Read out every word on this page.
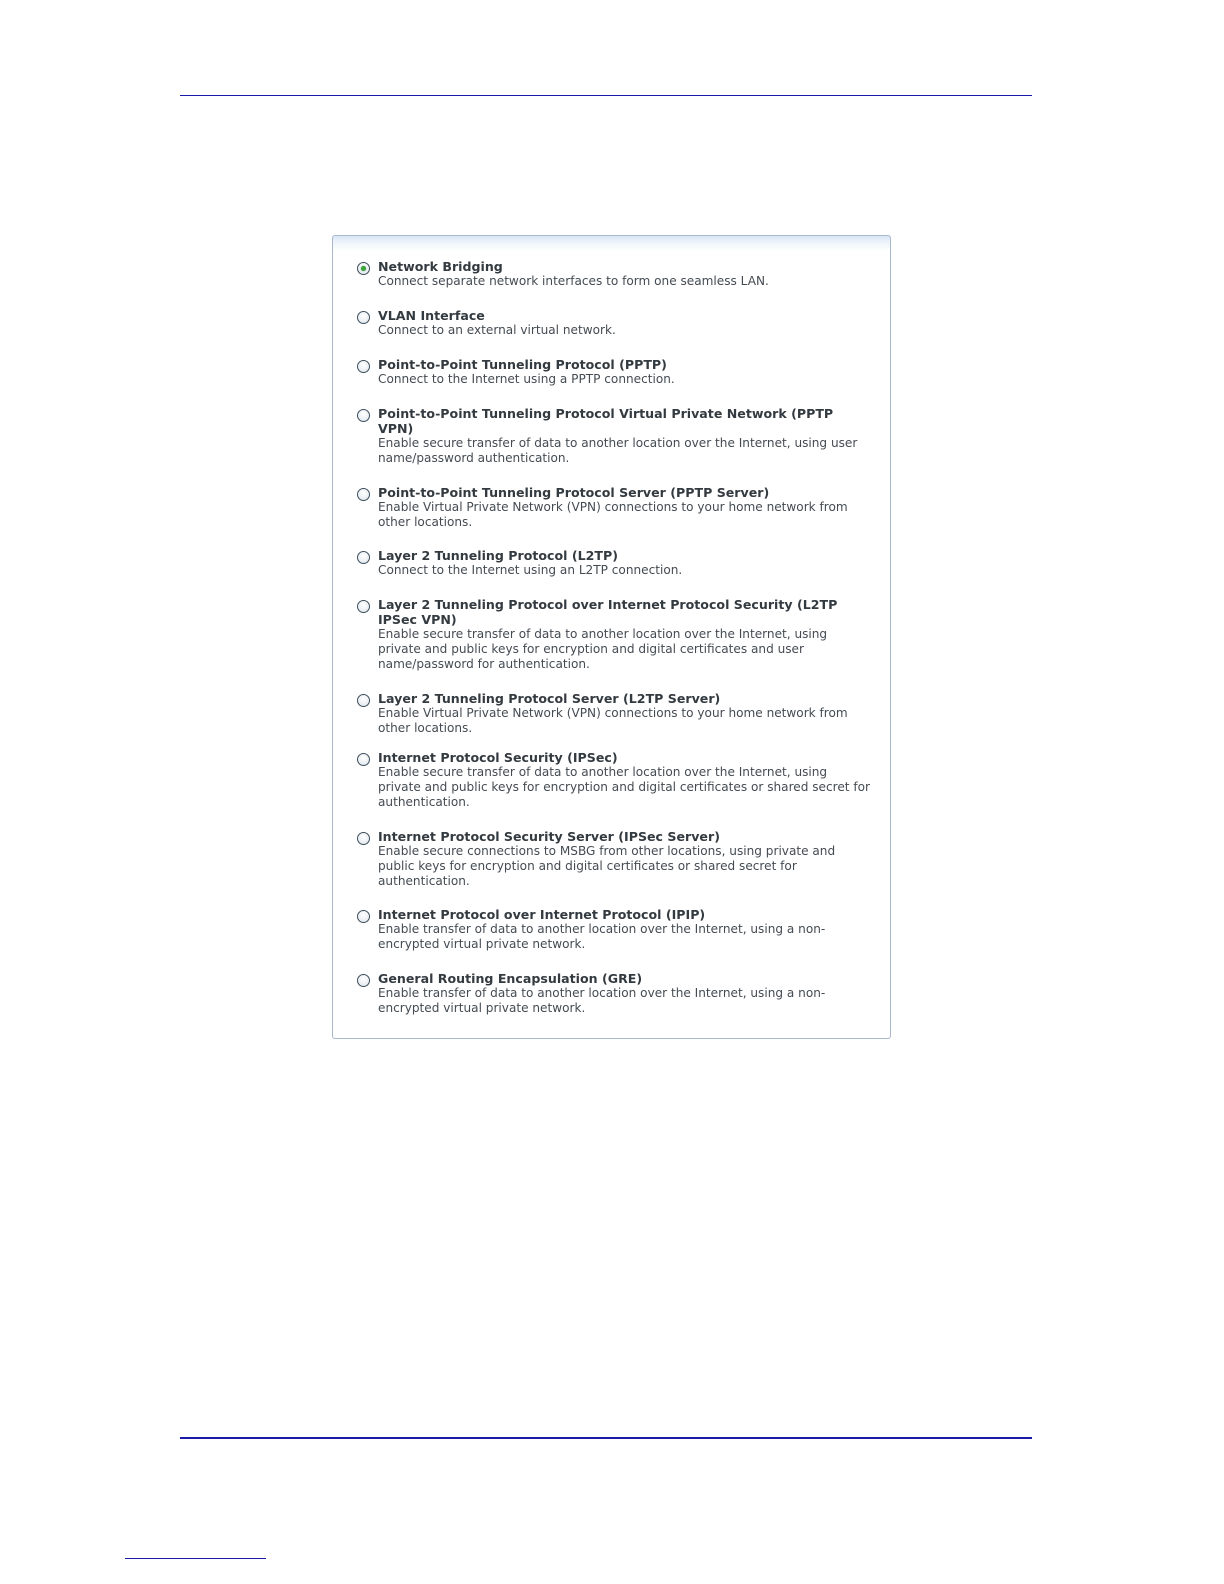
Network Bridging

Connect separate network interfaces to form one seamless LAN.

VLAN Interface

Connect to an external virtual network.

Point-to-Point Tunneling Protocol (PPTP)

Connect to the Internet using a PPTP connection.

Point-to-Point Tunneling Protocol Virtual Private Network (PPTP VPN)

Enable secure transfer of data to another location over the Internet, using user name/password authentication.

Point-to-Point Tunneling Protocol Server (PPTP Server)

Enable Virtual Private Network (VPN) connections to your home network from other locations.

Layer 2 Tunneling Protocol (L2TP)

Connect to the Internet using an L2TP connection.

Layer 2 Tunneling Protocol over Internet Protocol Security (L2TP IPSec VPN)

Enable secure transfer of data to another location over the Internet, using private and public keys for encryption and digital certificates and user name/password for authentication.

Layer 2 Tunneling Protocol Server (L2TP Server)

Enable Virtual Private Network (VPN) connections to your home network from other locations.

Internet Protocol Security (IPSec)

Enable secure transfer of data to another location over the Internet, using private and public keys for encryption and digital certificates or shared secret for authentication.

Internet Protocol Security Server (IPSec Server)

Enable secure connections to MSBG from other locations, using private and public keys for encryption and digital certificates or shared secret for authentication.

Internet Protocol over Internet Protocol (IPIP)

Enable transfer of data to another location over the Internet, using a non-encrypted virtual private network.

General Routing Encapsulation (GRE)

Enable transfer of data to another location over the Internet, using a non-encrypted virtual private network.
